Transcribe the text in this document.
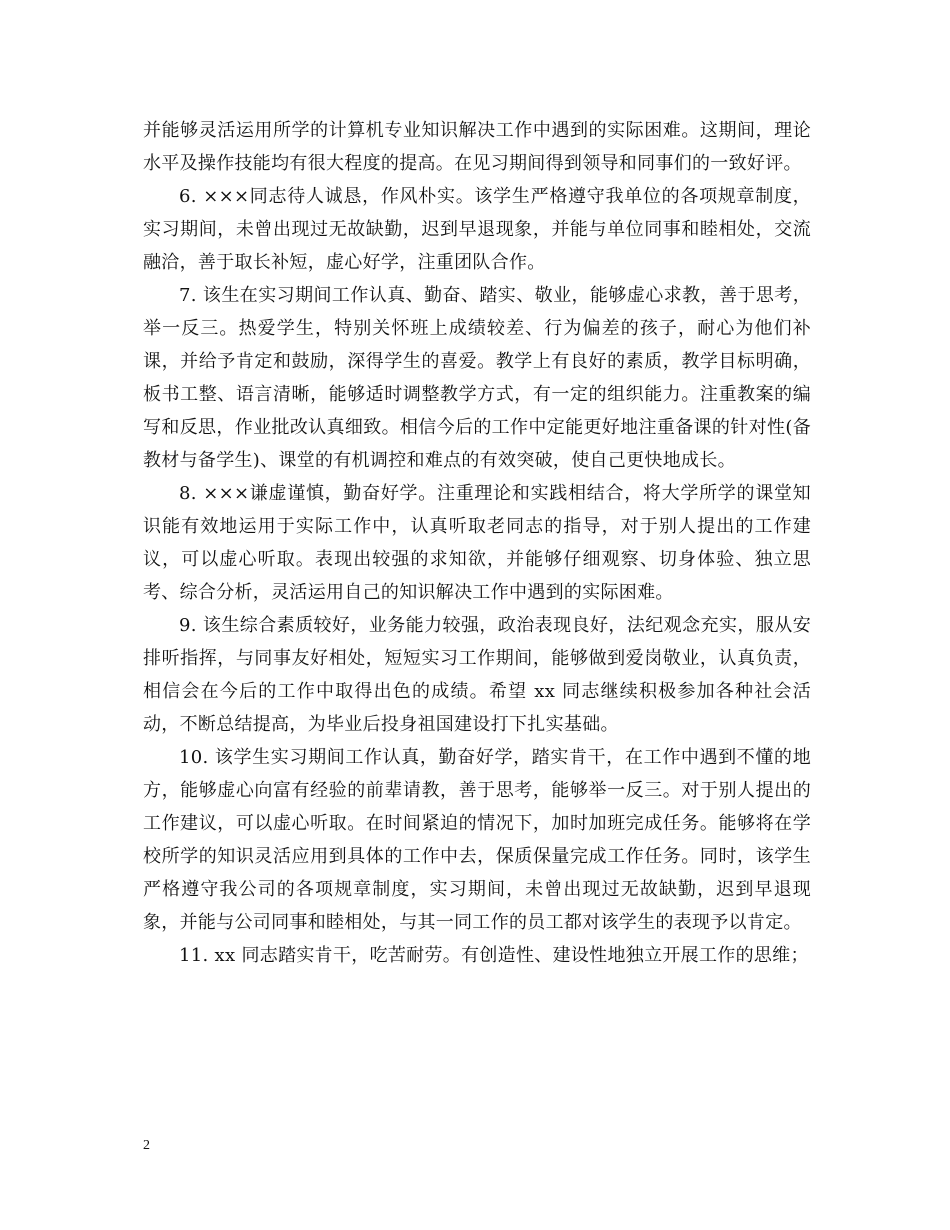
并能够灵活运用所学的计算机专业知识解决工作中遇到的实际困难。这期间，理论水平及操作技能均有很大程度的提高。在见习期间得到领导和同事们的一致好评。

6. ×××同志待人诚恳，作风朴实。该学生严格遵守我单位的各项规章制度，实习期间，未曾出现过无故缺勤，迟到早退现象，并能与单位同事和睦相处，交流融洽，善于取长补短，虚心好学，注重团队合作。

7. 该生在实习期间工作认真、勤奋、踏实、敬业，能够虚心求教，善于思考，举一反三。热爱学生，特别关怀班上成绩较差、行为偏差的孩子，耐心为他们补课，并给予肯定和鼓励，深得学生的喜爱。教学上有良好的素质，教学目标明确，板书工整、语言清晰，能够适时调整教学方式，有一定的组织能力。注重教案的编写和反思，作业批改认真细致。相信今后的工作中定能更好地注重备课的针对性(备教材与备学生)、课堂的有机调控和难点的有效突破，使自己更快地成长。

8. ×××谦虚谨慎，勤奋好学。注重理论和实践相结合，将大学所学的课堂知识能有效地运用于实际工作中，认真听取老同志的指导，对于别人提出的工作建议，可以虚心听取。表现出较强的求知欲，并能够仔细观察、切身体验、独立思考、综合分析，灵活运用自己的知识解决工作中遇到的实际困难。

9. 该生综合素质较好，业务能力较强，政治表现良好，法纪观念充实，服从安排听指挥，与同事友好相处，短短实习工作期间，能够做到爱岗敬业，认真负责，相信会在今后的工作中取得出色的成绩。希望 xx 同志继续积极参加各种社会活动，不断总结提高，为毕业后投身祖国建设打下扎实基础。

10. 该学生实习期间工作认真，勤奋好学，踏实肯干，在工作中遇到不懂的地方，能够虚心向富有经验的前辈请教，善于思考，能够举一反三。对于别人提出的工作建议，可以虚心听取。在时间紧迫的情况下，加时加班完成任务。能够将在学校所学的知识灵活应用到具体的工作中去，保质保量完成工作任务。同时，该学生严格遵守我公司的各项规章制度，实习期间，未曾出现过无故缺勤，迟到早退现象，并能与公司同事和睦相处，与其一同工作的员工都对该学生的表现予以肯定。

11. xx 同志踏实肯干，吃苦耐劳。有创造性、建设性地独立开展工作的思维；

2
